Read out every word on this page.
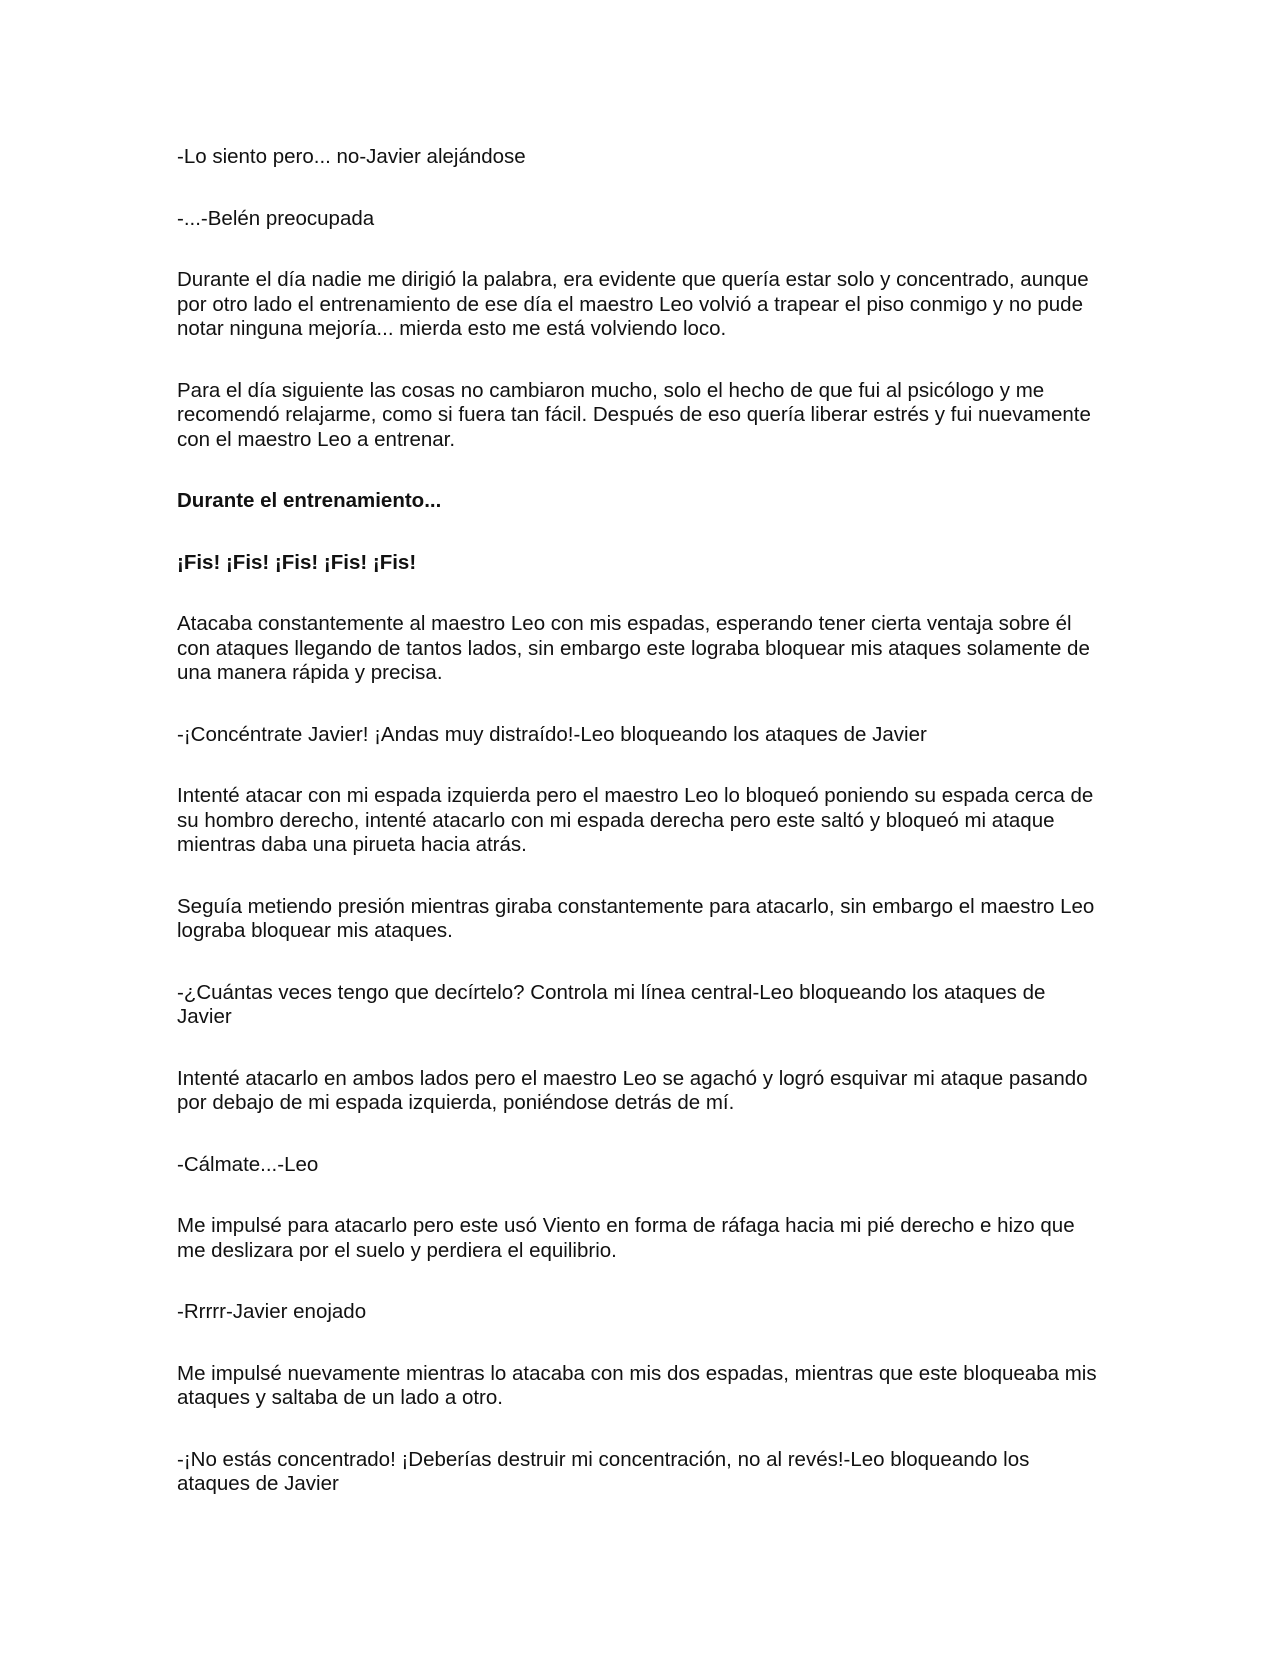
-Lo siento pero... no-Javier alejándose

-...-Belén preocupada

Durante el día nadie me dirigió la palabra, era evidente que quería estar solo y concentrado, aunque por otro lado el entrenamiento de ese día el maestro Leo volvió a trapear el piso conmigo y no pude notar ninguna mejoría... mierda esto me está volviendo loco.

Para el día siguiente las cosas no cambiaron mucho, solo el hecho de que fui al psicólogo y me recomendó relajarme, como si fuera tan fácil. Después de eso quería liberar estrés y fui nuevamente con el maestro Leo a entrenar.

Durante el entrenamiento...

¡Fis! ¡Fis! ¡Fis! ¡Fis! ¡Fis!

Atacaba constantemente al maestro Leo con mis espadas, esperando tener cierta ventaja sobre él con ataques llegando de tantos lados, sin embargo este lograba bloquear mis ataques solamente de una manera rápida y precisa.

-¡Concéntrate Javier! ¡Andas muy distraído!-Leo bloqueando los ataques de Javier

Intenté atacar con mi espada izquierda pero el maestro Leo lo bloqueó poniendo su espada cerca de su hombro derecho, intenté atacarlo con mi espada derecha pero este saltó y bloqueó mi ataque mientras daba una pirueta hacia atrás.

Seguía metiendo presión mientras giraba constantemente para atacarlo, sin embargo el maestro Leo lograba bloquear mis ataques.

-¿Cuántas veces tengo que decírtelo? Controla mi línea central-Leo bloqueando los ataques de Javier

Intenté atacarlo en ambos lados pero el maestro Leo se agachó y logró esquivar mi ataque pasando por debajo de mi espada izquierda, poniéndose detrás de mí.

-Cálmate...-Leo

Me impulsé para atacarlo pero este usó Viento en forma de ráfaga hacia mi pié derecho e hizo que me deslizara por el suelo y perdiera el equilibrio.

-Rrrrr-Javier enojado

Me impulsé nuevamente mientras lo atacaba con mis dos espadas, mientras que este bloqueaba mis ataques y saltaba de un lado a otro.

-¡No estás concentrado! ¡Deberías destruir mi concentración, no al revés!-Leo bloqueando los ataques de Javier
